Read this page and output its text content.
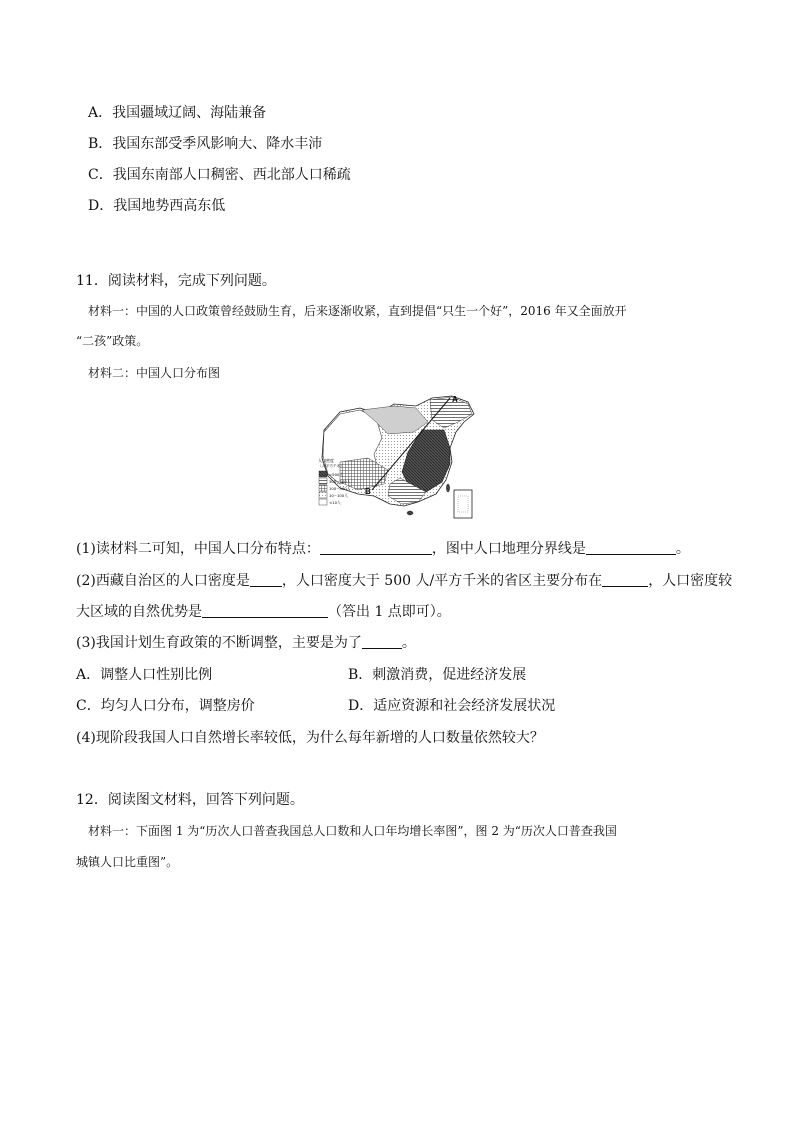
A．我国疆域辽阔、海陆兼备
B．我国东部受季风影响大、降水丰沛
C．我国东南部人口稠密、西北部人口稀疏
D．我国地势西高东低
11．阅读材料，完成下列问题。
材料一：中国的人口政策曾经鼓励生育，后来逐渐收紧，直到提倡“只生一个好”，2016 年又全面放开
“二孩”政策。
材料二：中国人口分布图
A
B
人口密度
（人/平方千米）
>500人
300~500人
100~300人
10~100人
<10人
(1)读材料二可知，中国人口分布特点：	，图中人口地理分界线是	。
(2)西藏自治区的人口密度是 ，人口密度大于 500 人/平方千米的省区主要分布在	，人口密度较
大区域的自然优势是	（答出 1 点即可）。
(3)我国计划生育政策的不断调整，主要是为了	。
A．调整人口性别比例	B．刺激消费，促进经济发展
C．均匀人口分布，调整房价	D．适应资源和社会经济发展状况
(4)现阶段我国人口自然增长率较低，为什么每年新增的人口数量依然较大？
12．阅读图文材料，回答下列问题。
材料一：下面图 1 为“历次人口普查我国总人口数和人口年均增长率图”，图 2 为“历次人口普查我国
城镇人口比重图”。
